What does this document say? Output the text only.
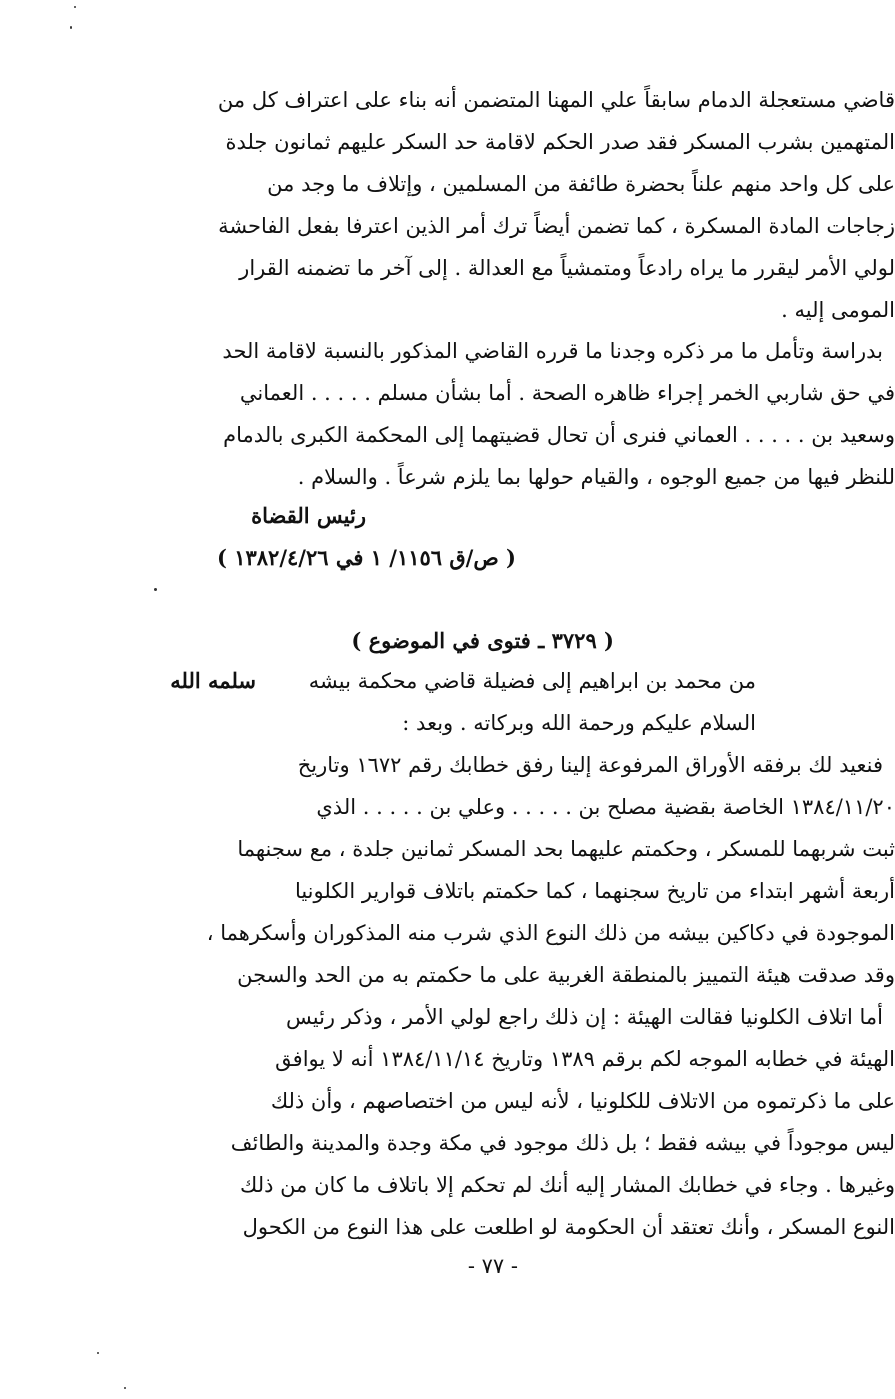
قاضي مستعجلة الدمام سابقاً علي المهنا المتضمن أنه بناء على اعتراف كل من
المتهمين بشرب المسكر فقد صدر الحكم لاقامة حد السكر عليهم ثمانون جلدة
على كل واحد منهم علناً بحضرة طائفة من المسلمين ، وإتلاف ما وجد من
زجاجات المادة المسكرة ، كما تضمن أيضاً ترك أمر الذين اعترفا بفعل الفاحشة
لولي الأمر ليقرر ما يراه رادعاً ومتمشياً مع العدالة . إلى آخر ما تضمنه القرار
المومى إليه .
بدراسة وتأمل ما مر ذكره وجدنا ما قرره القاضي المذكور بالنسبة لاقامة الحد
في حق شاربي الخمر إجراء ظاهره الصحة . أما بشأن مسلم . . . . . العماني
وسعيد بن . . . . . العماني فنرى أن تحال قضيتهما إلى المحكمة الكبرى بالدمام
للنظر فيها من جميع الوجوه ، والقيام حولها بما يلزم شرعاً . والسلام .
رئيس القضاة
( ص/ق ١١٥٦/ ١ في ١٣٨٢/٤/٢٦ )
( ٣٧٢٩ ـ فتوى في الموضوع )
من محمد بن ابراهيم إلى فضيلة قاضي محكمة بيشه
سلمه الله
السلام عليكم ورحمة الله وبركاته . وبعد :
فنعيد لك برفقه الأوراق المرفوعة إلينا رفق خطابك رقم ١٦٧٢ وتاريخ
١٣٨٤/١١/٢٠ الخاصة بقضية مصلح بن . . . . . وعلي بن . . . . . الذي
ثبت شربهما للمسكر ، وحكمتم عليهما بحد المسكر ثمانين جلدة ، مع سجنهما
أربعة أشهر ابتداء من تاريخ سجنهما ، كما حكمتم باتلاف قوارير الكلونيا
الموجودة في دكاكين بيشه من ذلك النوع الذي شرب منه المذكوران وأسكرهما ،
وقد صدقت هيئة التمييز بالمنطقة الغربية على ما حكمتم به من الحد والسجن
أما اتلاف الكلونيا فقالت الهيئة : إن ذلك راجع لولي الأمر ، وذكر رئيس
الهيئة في خطابه الموجه لكم برقم ١٣٨٩ وتاريخ ١٣٨٤/١١/١٤ أنه لا يوافق
على ما ذكرتموه من الاتلاف للكلونيا ، لأنه ليس من اختصاصهم ، وأن ذلك
ليس موجوداً في بيشه فقط ؛ بل ذلك موجود في مكة وجدة والمدينة والطائف
وغيرها . وجاء في خطابك المشار إليه أنك لم تحكم إلا باتلاف ما كان من ذلك
النوع المسكر ، وأنك تعتقد أن الحكومة لو اطلعت على هذا النوع من الكحول
- ٧٧ -
